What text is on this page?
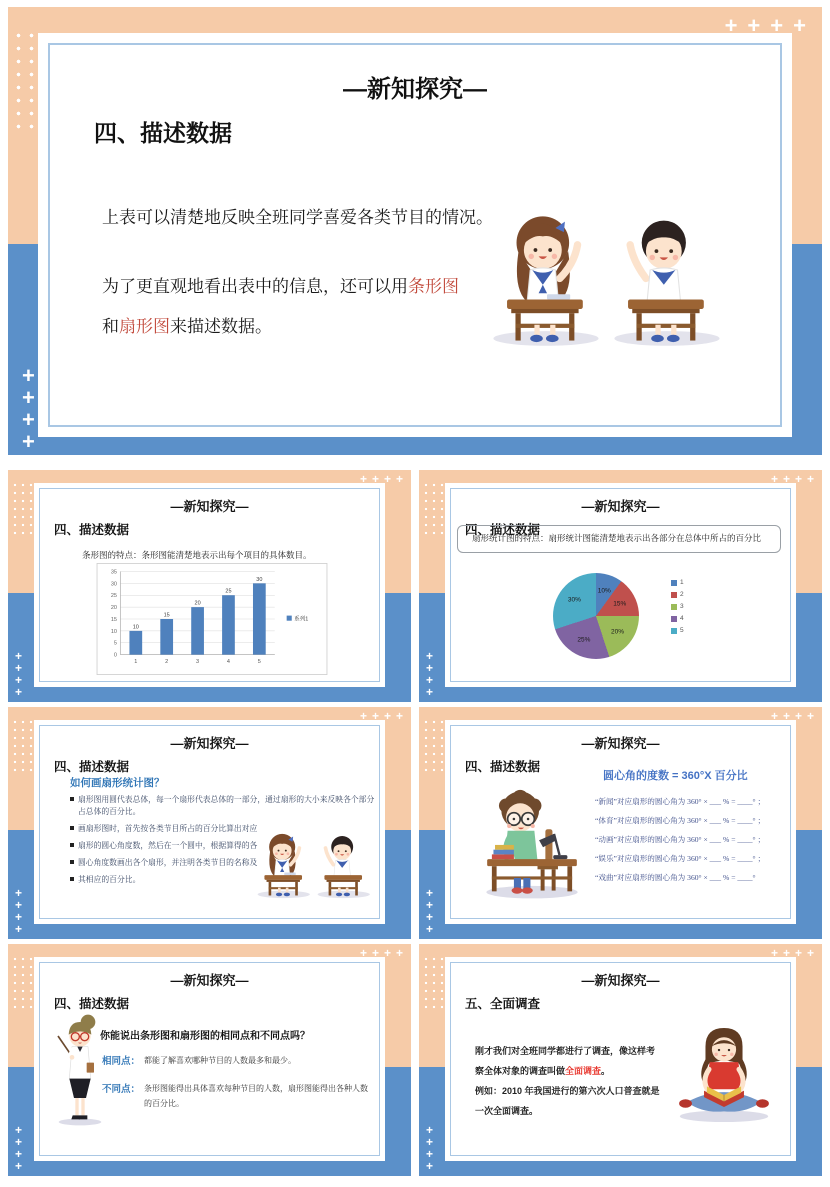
+
+
+
+
+
+
+
+
—新知探究—
四、描述数据
上表可以清楚地反映全班同学喜爱各类节目的情况。
为了更直观地看出表中的信息，还可以用条形图
和扇形图来描述数据。
+
+
+
+
+
+
+
+
—新知探究—
四、描述数据
条形图的特点：条形图能清楚地表示出每个项目的具体数目。
0
5
10
15
20
25
30
35
10
1
15
2
20
3
25
4
30
5
系列1
+
+
+
+
+
+
+
+
—新知探究—
四、描述数据
扇形统计图的特点：扇形统计图能清楚地表示出各部分在总体中所占的百分比
10%
15%
20%
25%
30%
1
2
3
4
5
+
+
+
+
+
+
+
+
—新知探究—
四、描述数据
如何画扇形统计图？
扇形图用圆代表总体，每一个扇形代表总体的一部分，通过扇形的大小来反映各个部分占总体的百分比。
画扇形图时，首先按各类节目所占的百分比算出对应
扇形的圆心角度数，然后在一个圆中，根据算得的各
圆心角度数画出各个扇形，并注明各类节目的名称及
其相应的百分比。
+
+
+
+
+
+
+
+
—新知探究—
四、描述数据
圆心角的度数 = 360°X 百分比
“新闻”对应扇形的圆心角为 360° × ___ % = ____° ；
“体育”对应扇形的圆心角为 360° × ___ % = ____° ；
“动画”对应扇形的圆心角为 360° × ___ % = ____° ；
“娱乐”对应扇形的圆心角为 360° × ___ % = ____° ；
“戏曲”对应扇形的圆心角为 360° × ___ % = ____°
+
+
+
+
+
+
+
+
—新知探究—
四、描述数据
你能说出条形图和扇形图的相同点和不同点吗？
相同点： 都能了解喜欢哪种节目的人数最多和最少。
不同点： 条形图能得出具体喜欢每种节目的人数，扇形图能得出各种人数的百分比。
+
+
+
+
+
+
+
+
—新知探究—
五、全面调查
刚才我们对全班同学都进行了调查，像这样考
察全体对象的调查叫做全面调查。
例如：2010 年我国进行的第六次人口普查就是
一次全面调查。
